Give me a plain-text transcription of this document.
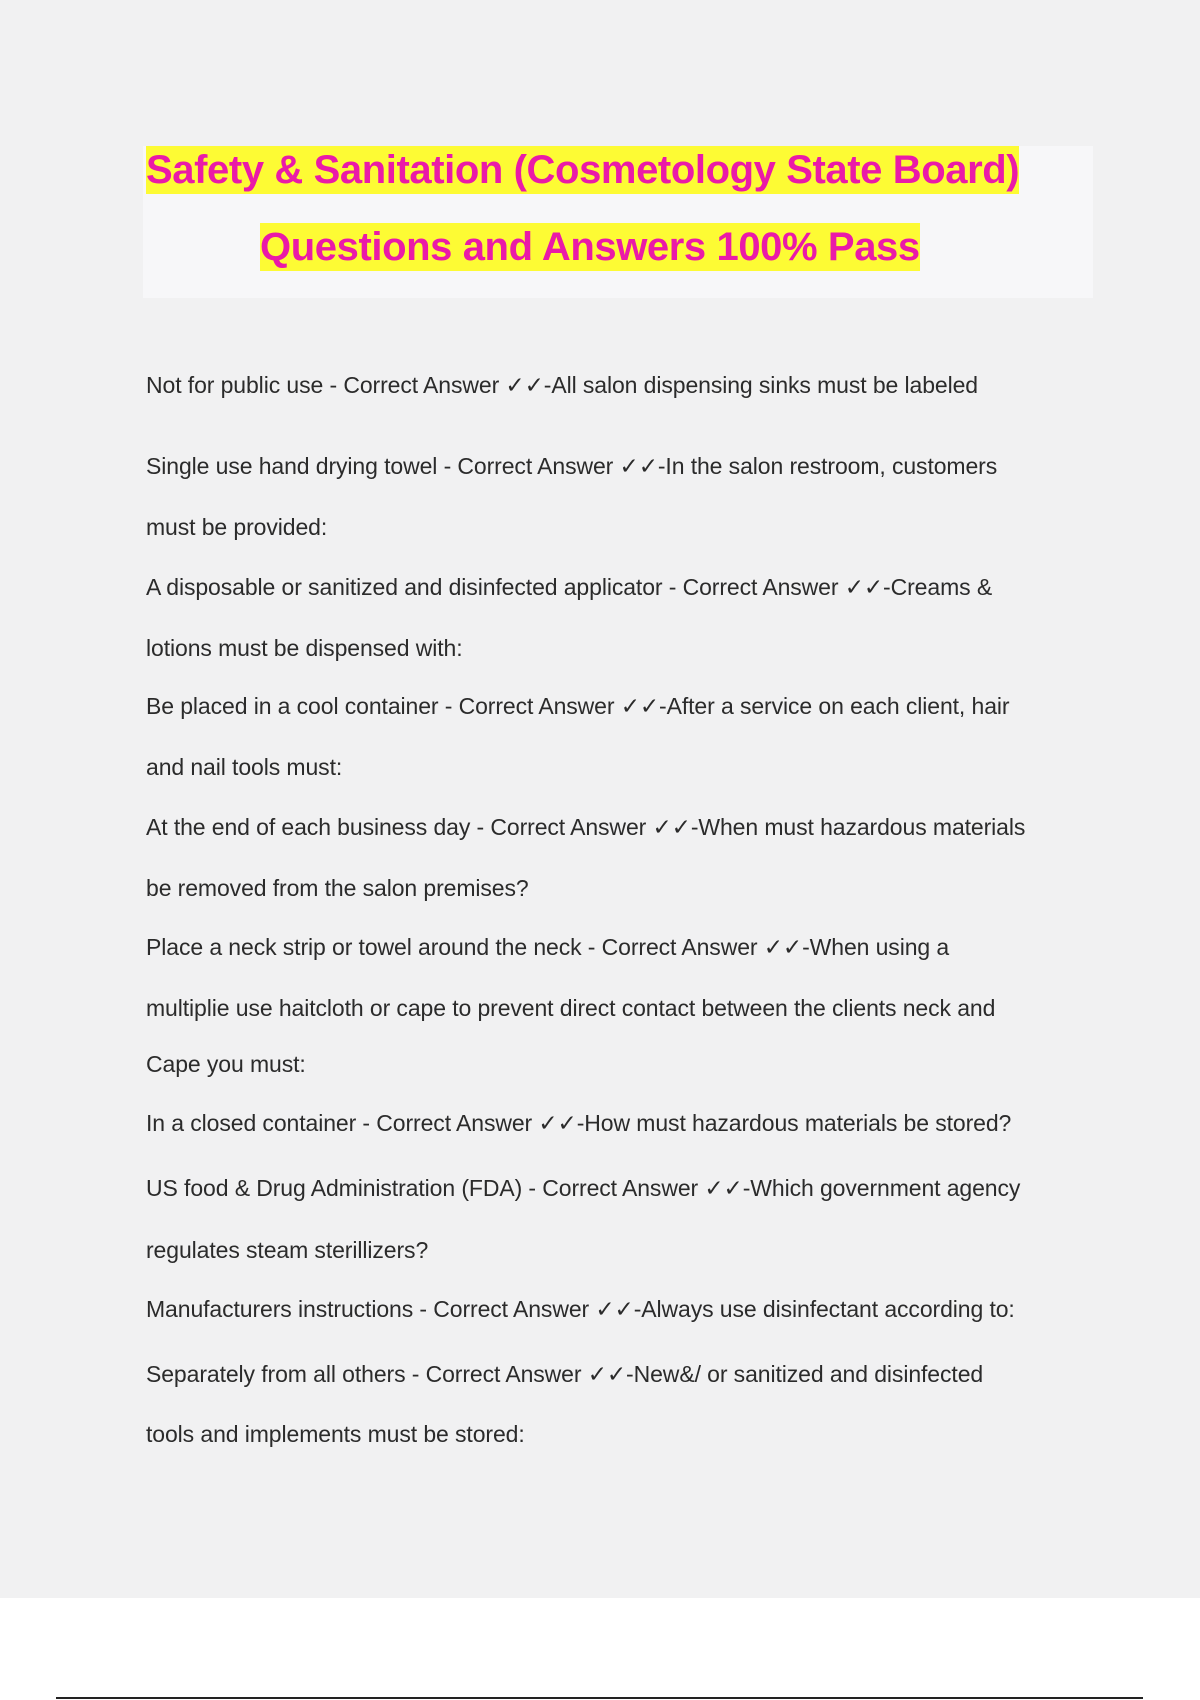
Safety & Sanitation (Cosmetology State Board)
Questions and Answers 100% Pass
Not for public use - Correct Answer ✓✓-All salon dispensing sinks must be labeled
Single use hand drying towel - Correct Answer ✓✓-In the salon restroom, customers
must be provided:
A disposable or sanitized and disinfected applicator - Correct Answer ✓✓-Creams &
lotions must be dispensed with:
Be placed in a cool container - Correct Answer ✓✓-After a service on each client, hair
and nail tools must:
At the end of each business day - Correct Answer ✓✓-When must hazardous materials
be removed from the salon premises?
Place a neck strip or towel around the neck - Correct Answer ✓✓-When using a
multiplie use haitcloth or cape to prevent direct contact between the clients neck and
Cape you must:
In a closed container - Correct Answer ✓✓-How must hazardous materials be stored?
US food & Drug Administration (FDA) - Correct Answer ✓✓-Which government agency
regulates steam sterillizers?
Manufacturers instructions - Correct Answer ✓✓-Always use disinfectant according to:
Separately from all others - Correct Answer ✓✓-New&/ or sanitized and disinfected
tools and implements must be stored:
